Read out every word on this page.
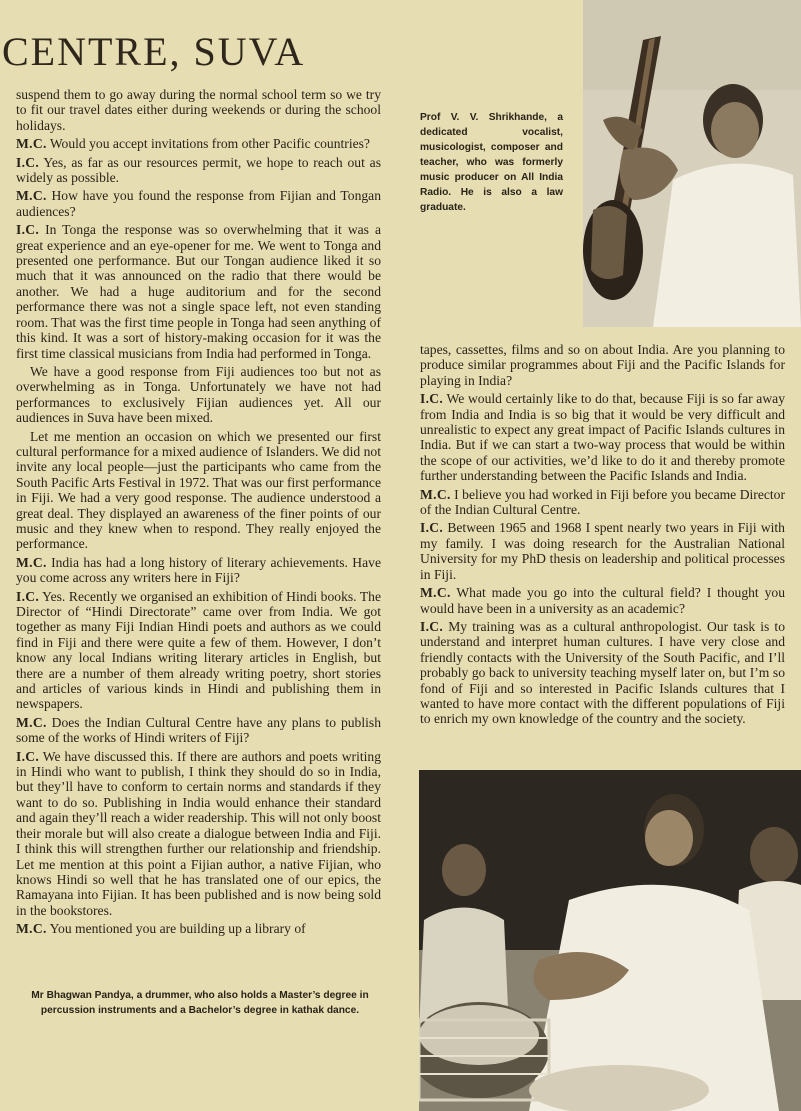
CENTRE, SUVA

suspend them to go away during the normal school term so we try to fit our travel dates either during weekends or during the school holidays.

M.C. Would you accept invitations from other Pacific countries?

I.C. Yes, as far as our resources permit, we hope to reach out as widely as possible.

M.C. How have you found the response from Fijian and Tongan audiences?

I.C. In Tonga the response was so overwhelming that it was a great experience and an eye-opener for me. We went to Tonga and presented one performance. But our Tongan audience liked it so much that it was announced on the radio that there would be another. We had a huge auditorium and for the second performance there was not a single space left, not even standing room. That was the first time people in Tonga had seen anything of this kind. It was a sort of history-making occasion for it was the first time classical musicians from India had performed in Tonga.

We have a good response from Fiji audiences too but not as overwhelming as in Tonga. Unfortunately we have not had performances to exclusively Fijian audiences yet. All our audiences in Suva have been mixed.

Let me mention an occasion on which we presented our first cultural performance for a mixed audience of Islanders. We did not invite any local people—just the participants who came from the South Pacific Arts Festival in 1972. That was our first performance in Fiji. We had a very good response. The audience understood a great deal. They displayed an awareness of the finer points of our music and they knew when to respond. They really enjoyed the performance.

M.C. India has had a long history of literary achievements. Have you come across any writers here in Fiji?

I.C. Yes. Recently we organised an exhibition of Hindi books. The Director of “Hindi Directorate” came over from India. We got together as many Fiji Indian Hindi poets and authors as we could find in Fiji and there were quite a few of them. However, I don’t know any local Indians writing literary articles in English, but there are a number of them already writing poetry, short stories and articles of various kinds in Hindi and publishing them in newspapers.

M.C. Does the Indian Cultural Centre have any plans to publish some of the works of Hindi writers of Fiji?

I.C. We have discussed this. If there are authors and poets writing in Hindi who want to publish, I think they should do so in India, but they’ll have to conform to certain norms and standards if they want to do so. Publishing in India would enhance their standard and again they’ll reach a wider readership. This will not only boost their morale but will also create a dialogue between India and Fiji. I think this will strengthen further our relationship and friendship. Let me mention at this point a Fijian author, a native Fijian, who knows Hindi so well that he has translated one of our epics, the Ramayana into Fijian. It has been published and is now being sold in the bookstores.

M.C. You mentioned you are building up a library of

tapes, cassettes, films and so on about India. Are you planning to produce similar programmes about Fiji and the Pacific Islands for playing in India?

I.C. We would certainly like to do that, because Fiji is so far away from India and India is so big that it would be very difficult and unrealistic to expect any great impact of Pacific Islands cultures in India. But if we can start a two-way process that would be within the scope of our activities, we’d like to do it and thereby promote further understanding between the Pacific Islands and India.

M.C. I believe you had worked in Fiji before you became Director of the Indian Cultural Centre.

I.C. Between 1965 and 1968 I spent nearly two years in Fiji with my family. I was doing research for the Australian National University for my PhD thesis on leadership and political processes in Fiji.

M.C. What made you go into the cultural field? I thought you would have been in a university as an academic?

I.C. My training was as a cultural anthropologist. Our task is to understand and interpret human cultures. I have very close and friendly contacts with the University of the South Pacific, and I’ll probably go back to university teaching myself later on, but I’m so fond of Fiji and so interested in Pacific Islands cultures that I wanted to have more contact with the different populations of Fiji to enrich my own knowledge of the country and the society.

Prof V. V. Shrikhande, a dedicated vocalist, musicologist, composer and teacher, who was formerly music producer on All India Radio. He is also a law graduate.
Mr Bhagwan Pandya, a drummer, who also holds a Master’s degree in percussion instruments and a Bachelor’s degree in kathak dance.
